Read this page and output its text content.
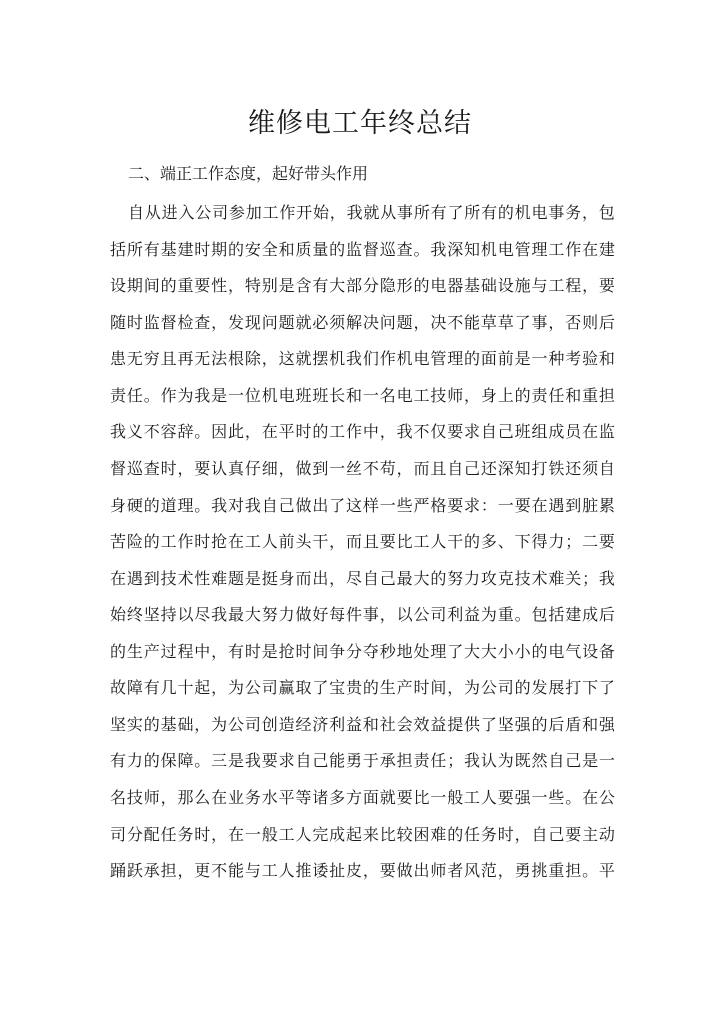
维修电工年终总结

二、端正工作态度，起好带头作用

自 从 进 入 公 司 参 加 工 作 开 始 ， 我 就 从 事 所 有 了 所 有 的 机 电 事 务 ， 包
括 所 有 基 建 时 期 的 安 全 和 质 量 的 监 督 巡 查 。 我 深 知 机 电 管 理 工 作 在 建
设 期 间 的 重 要 性 ， 特 别 是 含 有 大 部 分 隐 形 的 电 器 基 础 设 施 与 工 程 ， 要
随 时 监 督 检 查 ， 发 现 问 题 就 必 须 解 决 问 题 ， 决 不 能 草 草 了 事 ， 否 则 后
患 无 穷 且 再 无 法 根 除 ， 这 就 摆 机 我 们 作 机 电 管 理 的 面 前 是 一 种 考 验 和
责 任 。 作 为 我 是 一 位 机 电 班 班 长 和 一 名 电 工 技 师 ， 身 上 的 责 任 和 重 担
我 义 不 容 辞 。 因 此 ， 在 平 时 的 工 作 中 ， 我 不 仅 要 求 自 己 班 组 成 员 在 监
督 巡 查 时 ， 要 认 真 仔 细 ， 做 到 一 丝 不 苟 ， 而 且 自 己 还 深 知 打 铁 还 须 自
身 硬 的 道 理 。 我 对 我 自 己 做 出 了 这 样 一 些 严 格 要 求 ： 一 要 在 遇 到 脏 累
苦 险 的 工 作 时 抢 在 工 人 前 头 干 ， 而 且 要 比 工 人 干 的 多 、 下 得 力 ； 二 要
在 遇 到 技 术 性 难 题 是 挺 身 而 出 ， 尽 自 己 最 大 的 努 力 攻 克 技 术 难 关 ； 我
始 终 坚 持 以 尽 我 最 大 努 力 做 好 每 件 事 ， 以 公 司 利 益 为 重 。 包 括 建 成 后
的 生 产 过 程 中 ， 有 时 是 抢 时 间 争 分 夺 秒 地 处 理 了 大 大 小 小 的 电 气 设 备
故 障 有 几 十 起 ， 为 公 司 赢 取 了 宝 贵 的 生 产 时 间 ， 为 公 司 的 发 展 打 下 了
坚 实 的 基 础 ， 为 公 司 创 造 经 济 利 益 和 社 会 效 益 提 供 了 坚 强 的 后 盾 和 强
有 力 的 保 障 。 三 是 我 要 求 自 己 能 勇 于 承 担 责 任 ； 我 认 为 既 然 自 己 是 一
名 技 师 ， 那 么 在 业 务 水 平 等 诸 多 方 面 就 要 比 一 般 工 人 要 强 一 些 。 在 公
司 分 配 任 务 时 ， 在 一 般 工 人 完 成 起 来 比 较 困 难 的 任 务 时 ， 自 己 要 主 动
踊 跃 承 担 ， 更 不 能 与 工 人 推 诿 扯 皮 ， 要 做 出 师 者 风 范 ， 勇 挑 重 担 。 平
